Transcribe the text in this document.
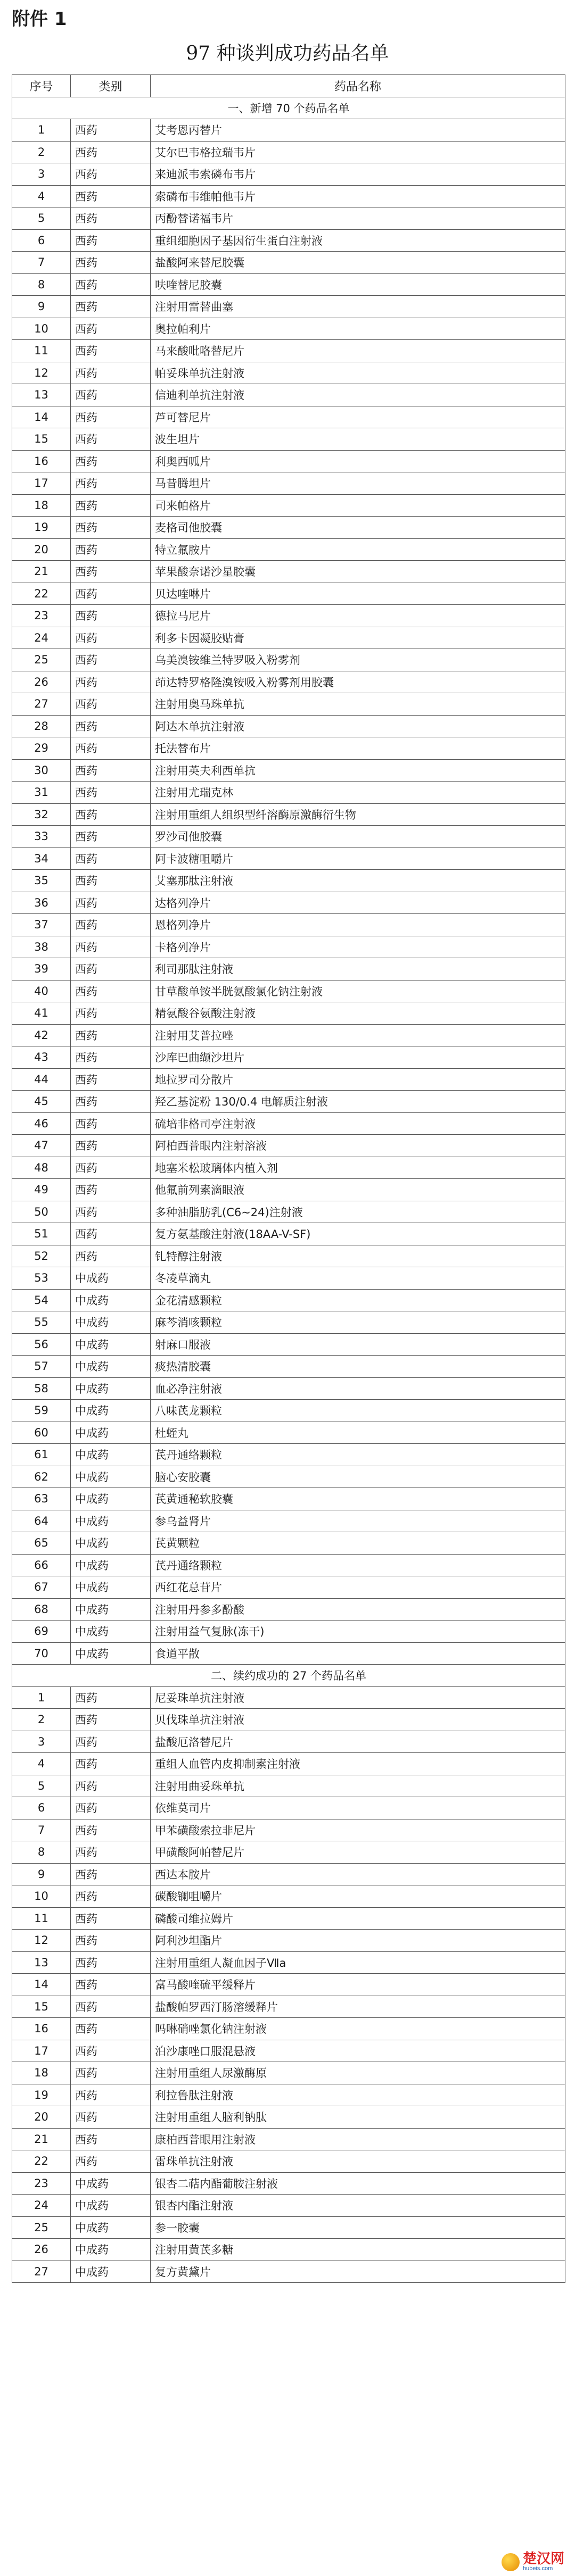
附件 1
97 种谈判成功药品名单
序号	类别	药品名称
一、新增 70 个药品名单		
1	西药	艾考恩丙替片
2	西药	艾尔巴韦格拉瑞韦片
3	西药	来迪派韦索磷布韦片
4	西药	索磷布韦维帕他韦片
5	西药	丙酚替诺福韦片
6	西药	重组细胞因子基因衍生蛋白注射液
7	西药	盐酸阿来替尼胶囊
8	西药	呋喹替尼胶囊
9	西药	注射用雷替曲塞
10	西药	奥拉帕利片
11	西药	马来酸吡咯替尼片
12	西药	帕妥珠单抗注射液
13	西药	信迪利单抗注射液
14	西药	芦可替尼片
15	西药	波生坦片
16	西药	利奥西呱片
17	西药	马昔腾坦片
18	西药	司来帕格片
19	西药	麦格司他胶囊
20	西药	特立氟胺片
21	西药	苹果酸奈诺沙星胶囊
22	西药	贝达喹啉片
23	西药	德拉马尼片
24	西药	利多卡因凝胶贴膏
25	西药	乌美溴铵维兰特罗吸入粉雾剂
26	西药	茚达特罗格隆溴铵吸入粉雾剂用胶囊
27	西药	注射用奥马珠单抗
28	西药	阿达木单抗注射液
29	西药	托法替布片
30	西药	注射用英夫利西单抗
31	西药	注射用尤瑞克林
32	西药	注射用重组人组织型纤溶酶原激酶衍生物
33	西药	罗沙司他胶囊
34	西药	阿卡波糖咀嚼片
35	西药	艾塞那肽注射液
36	西药	达格列净片
37	西药	恩格列净片
38	西药	卡格列净片
39	西药	利司那肽注射液
40	西药	甘草酸单铵半胱氨酸氯化钠注射液
41	西药	精氨酸谷氨酸注射液
42	西药	注射用艾普拉唑
43	西药	沙库巴曲缬沙坦片
44	西药	地拉罗司分散片
45	西药	羟乙基淀粉 130/0.4 电解质注射液
46	西药	硫培非格司亭注射液
47	西药	阿柏西普眼内注射溶液
48	西药	地塞米松玻璃体内植入剂
49	西药	他氟前列素滴眼液
50	西药	多种油脂肪乳(C6~24)注射液
51	西药	复方氨基酸注射液(18AA-V-SF)
52	西药	钆特醇注射液
53	中成药	冬凌草滴丸
54	中成药	金花清感颗粒
55	中成药	麻芩消咳颗粒
56	中成药	射麻口服液
57	中成药	痰热清胶囊
58	中成药	血必净注射液
59	中成药	八味芪龙颗粒
60	中成药	杜蛭丸
61	中成药	芪丹通络颗粒
62	中成药	脑心安胶囊
63	中成药	芪黄通秘软胶囊
64	中成药	参乌益肾片
65	中成药	芪黄颗粒
66	中成药	芪丹通络颗粒
67	中成药	西红花总苷片
68	中成药	注射用丹参多酚酸
69	中成药	注射用益气复脉(冻干)
70	中成药	食道平散
二、续约成功的 27 个药品名单		
1	西药	尼妥珠单抗注射液
2	西药	贝伐珠单抗注射液
3	西药	盐酸厄洛替尼片
4	西药	重组人血管内皮抑制素注射液
5	西药	注射用曲妥珠单抗
6	西药	依维莫司片
7	西药	甲苯磺酸索拉非尼片
8	西药	甲磺酸阿帕替尼片
9	西药	西达本胺片
10	西药	碳酸镧咀嚼片
11	西药	磷酸司维拉姆片
12	西药	阿利沙坦酯片
13	西药	注射用重组人凝血因子Ⅶa
14	西药	富马酸喹硫平缓释片
15	西药	盐酸帕罗西汀肠溶缓释片
16	西药	吗啉硝唑氯化钠注射液
17	西药	泊沙康唑口服混悬液
18	西药	注射用重组人尿激酶原
19	西药	利拉鲁肽注射液
20	西药	注射用重组人脑利钠肽
21	西药	康柏西普眼用注射液
22	西药	雷珠单抗注射液
23	中成药	银杏二萜内酯葡胺注射液
24	中成药	银杏内酯注射液
25	中成药	参一胶囊
26	中成药	注射用黄芪多糖
27	中成药	复方黄黛片
楚汉网
hubeis.com
